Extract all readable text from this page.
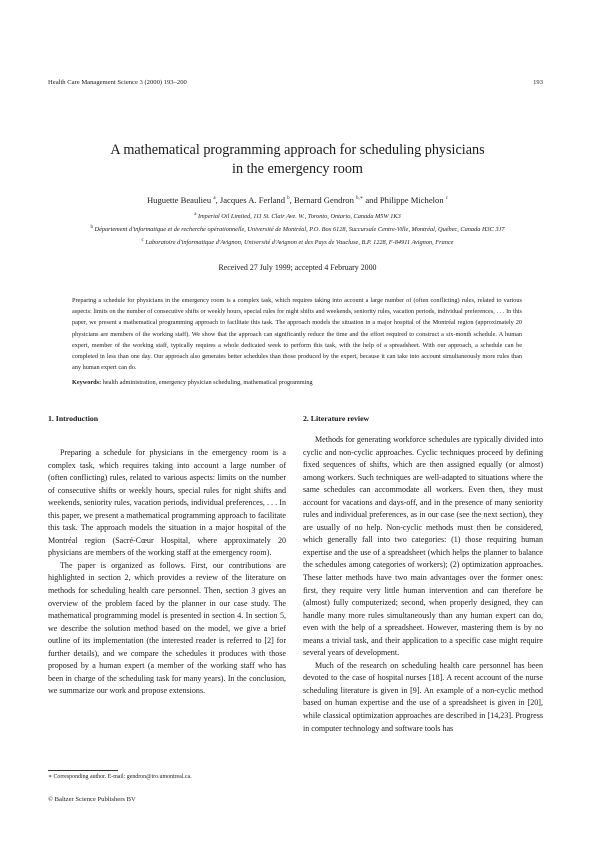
Health Care Management Science 3 (2000) 193–200	193
A mathematical programming approach for scheduling physicians
in the emergency room
Huguette Beaulieu $^a$, Jacques A. Ferland $^b$, Bernard Gendron $^{b,∗}$ and Philippe Michelon $^c$
$^a$ Imperial Oil Limited, 111 St. Clair Ave. W., Toronto, Ontario, Canada M5W 1K3
$^b$ Département d'informatique et de recherche opérationnelle, Université de Montréal, P.O. Box 6128, Succursale Centre-Ville, Montréal, Québec, Canada H3C 3J7
$^c$ Laboratoire d'informatique d'Avignon, Université d'Avignon et des Pays de Vaucluse, B.P. 1228, F-84911 Avignon, France
Received 27 July 1999; accepted 4 February 2000
Preparing a schedule for physicians in the emergency room is a complex task, which requires taking into account a large number of (often conflicting) rules, related to various aspects: limits on the number of consecutive shifts or weekly hours, special rules for night shifts and weekends, seniority rules, vacation periods, individual preferences, . . . In this paper, we present a mathematical programming approach to facilitate this task. The approach models the situation in a major hospital of the Montréal region (approximately 20 physicians are members of the working staff). We show that the approach can significantly reduce the time and the effort required to construct a six-month schedule. A human expert, member of the working staff, typically requires a whole dedicated week to perform this task, with the help of a spreadsheet. With our approach, a schedule can be completed in less than one day. Our approach also generates better schedules than those produced by the expert, because it can take into account simultaneously more rules than any human expert can do.
Keywords: health administration, emergency physician scheduling, mathematical programming
1. Introduction	2. Literature review

Preparing a schedule for physicians in the emergency room is a complex task, which requires taking into account a large number of (often conflicting) rules, related to various aspects: limits on the number of consecutive shifts or weekly hours, special rules for night shifts and weekends, seniority rules, vacation periods, individual preferences, . . . In this paper, we present a mathematical programming approach to facilitate this task. The approach models the situation in a major hospital of the Montréal region (Sacré-Cœur Hospital, where approximately 20 physicians are members of the working staff at the emergency room).

The paper is organized as follows. First, our contributions are highlighted in section 2, which provides a review of the literature on methods for scheduling health care personnel. Then, section 3 gives an overview of the problem faced by the planner in our case study. The mathematical programming model is presented in section 4. In section 5, we describe the solution method based on the model, we give a brief outline of its implementation (the interested reader is referred to [2] for further details), and we compare the schedules it produces with those proposed by a human expert (a member of the working staff who has been in charge of the scheduling task for many years). In the conclusion, we summarize our work and propose extensions.

Methods for generating workforce schedules are typically divided into cyclic and non-cyclic approaches. Cyclic techniques proceed by defining fixed sequences of shifts, which are then assigned equally (or almost) among workers. Such techniques are well-adapted to situations where the same schedules can accommodate all workers. Even then, they must account for vacations and days-off, and in the presence of many seniority rules and individual preferences, as in our case (see the next section), they are usually of no help. Non-cyclic methods must then be considered, which generally fall into two categories: (1) those requiring human expertise and the use of a spreadsheet (which helps the planner to balance the schedules among categories of workers); (2) optimization approaches. These latter methods have two main advantages over the former ones: first, they require very little human intervention and can therefore be (almost) fully computerized; second, when properly designed, they can handle many more rules simultaneously than any human expert can do, even with the help of a spreadsheet. However, mastering them is by no means a trivial task, and their application to a specific case might require several years of development.

Much of the research on scheduling health care personnel has been devoted to the case of hospital nurses [18]. A recent account of the nurse scheduling literature is given in [9]. An example of a non-cyclic method based on human expertise and the use of a spreadsheet is given in [20], while classical optimization approaches are described in [14,23]. Progress in computer technology and software tools has

∗ Corresponding author. E-mail: gendron@iro.umontreal.ca.
© Baltzer Science Publishers BV
